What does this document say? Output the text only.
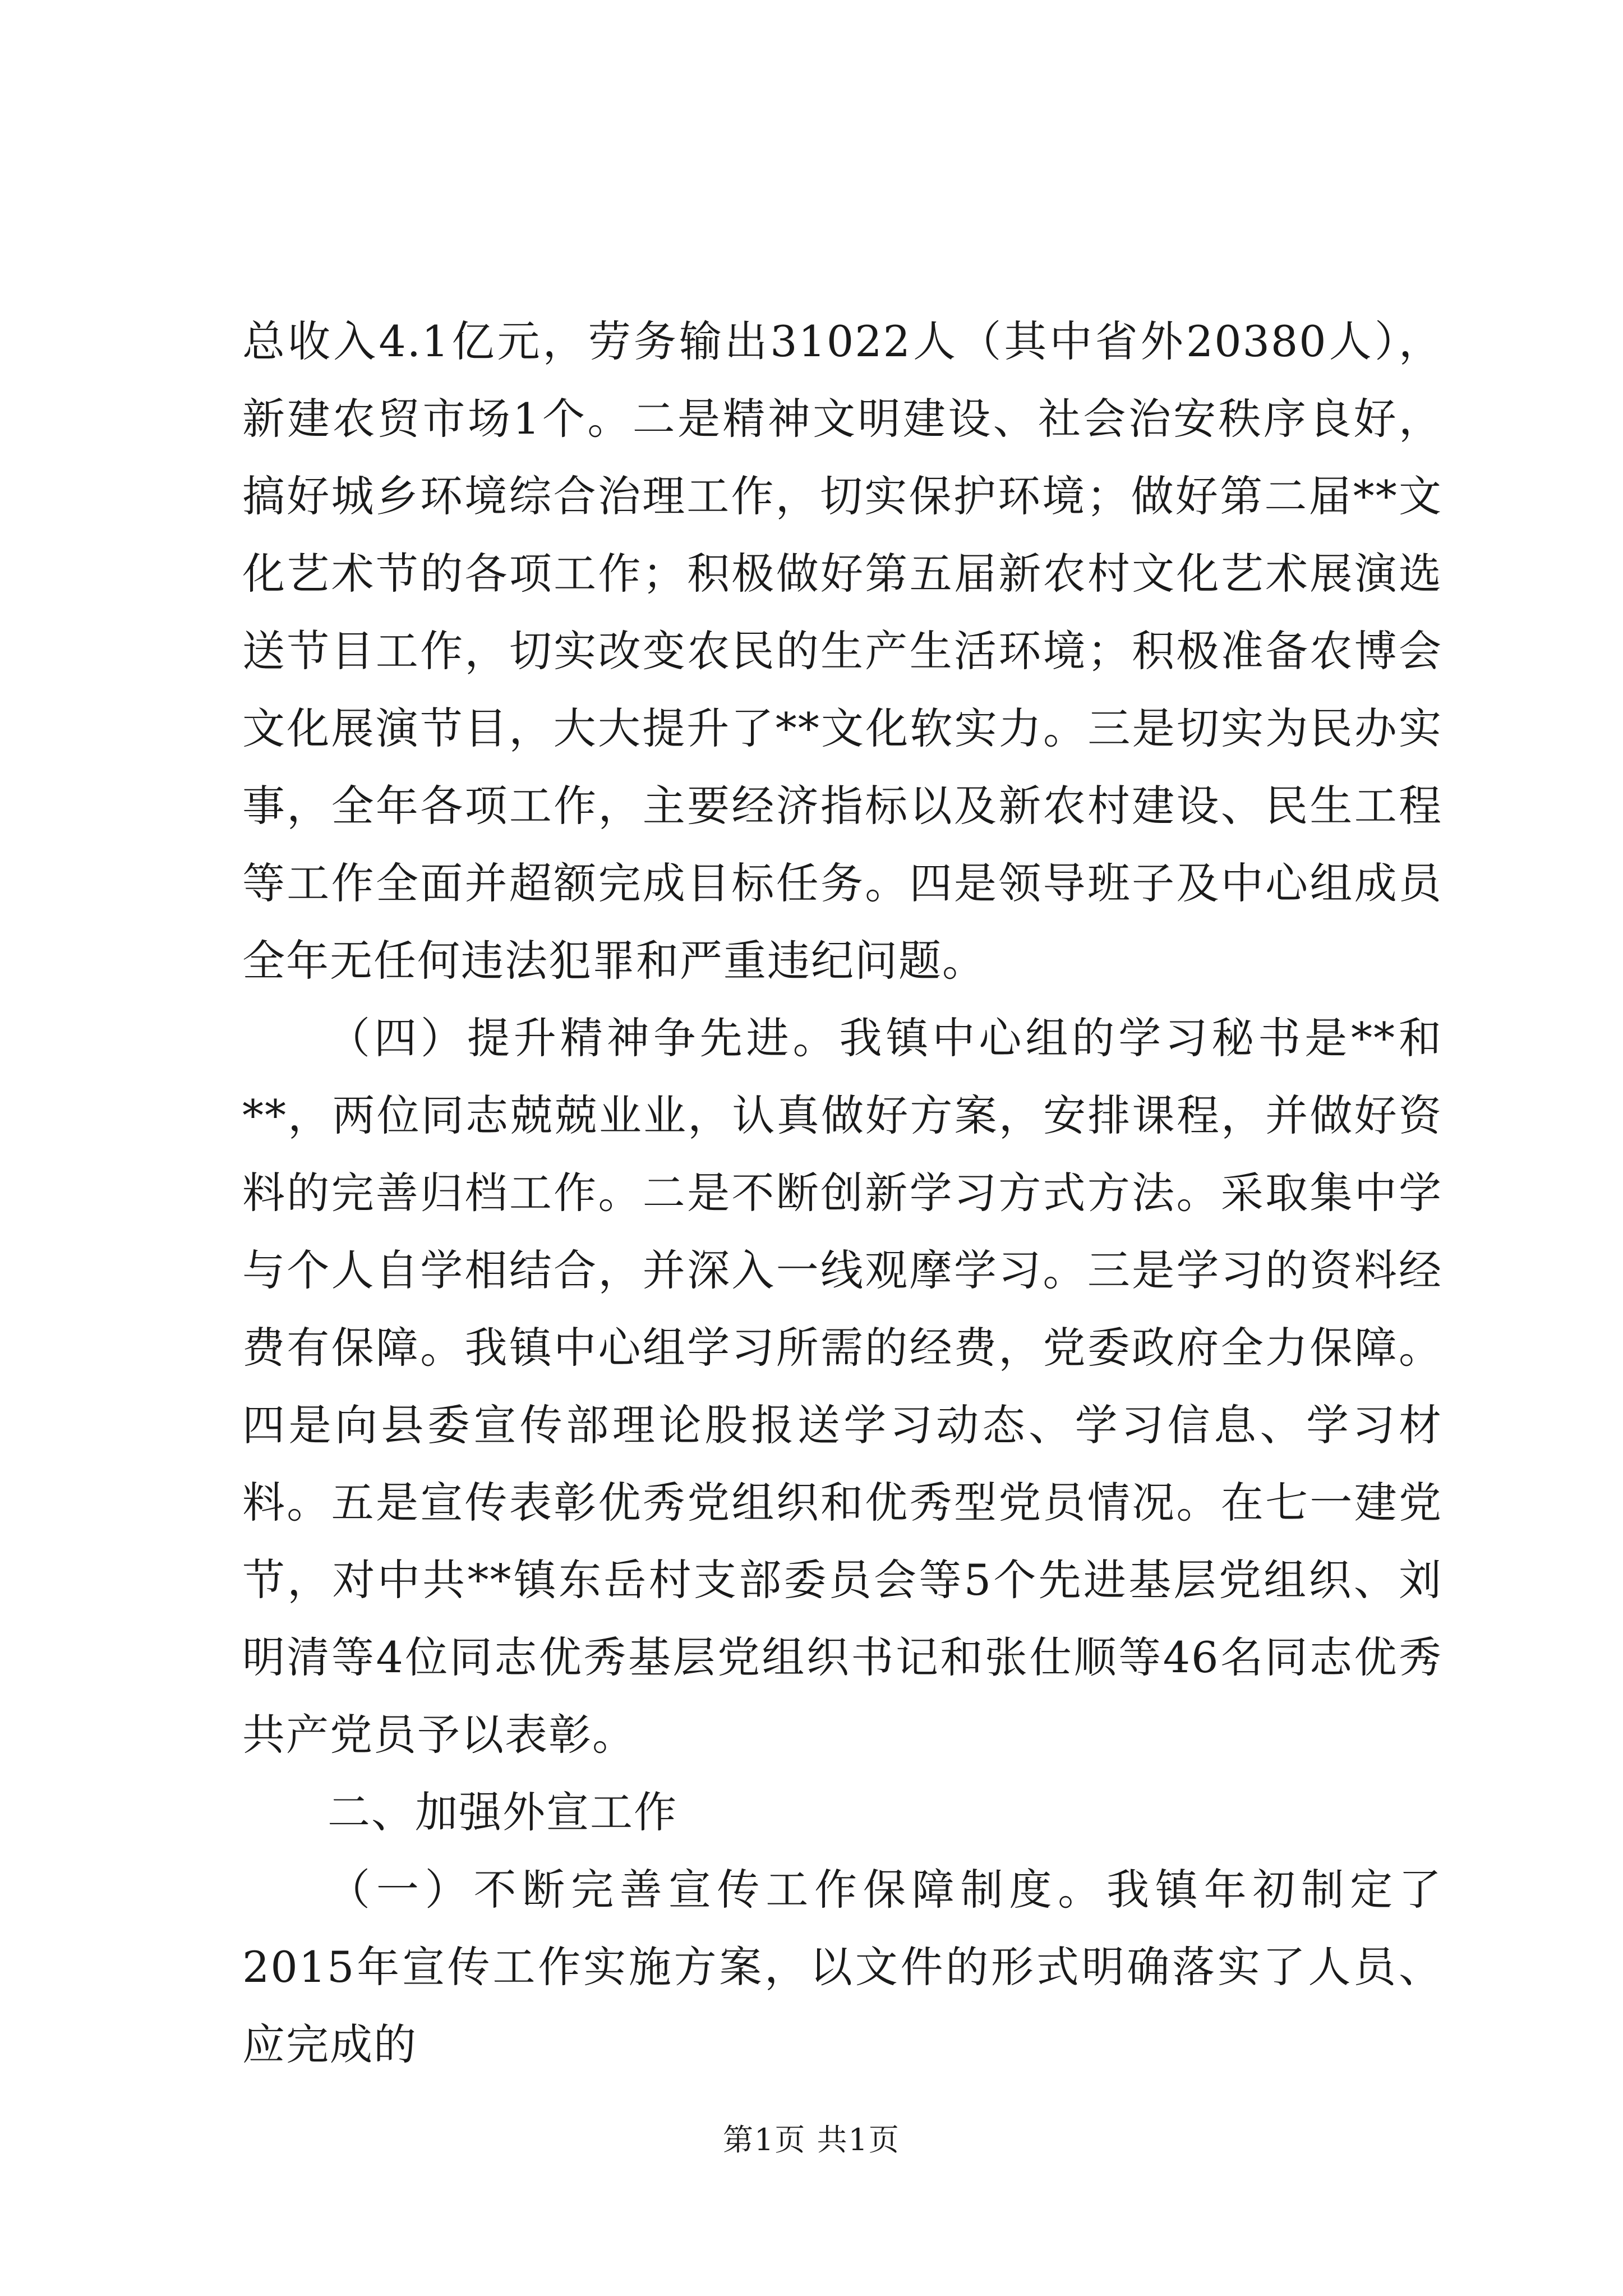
总收入4.1亿元，劳务输出31022人（其中省外20380人），新建农贸市场1个。二是精神文明建设、社会治安秩序良好，搞好城乡环境综合治理工作，切实保护环境；做好第二届**文化艺术节的各项工作；积极做好第五届新农村文化艺术展演选送节目工作，切实改变农民的生产生活环境；积极准备农博会文化展演节目，大大提升了**文化软实力。三是切实为民办实事，全年各项工作，主要经济指标以及新农村建设、民生工程等工作全面并超额完成目标任务。四是领导班子及中心组成员全年无任何违法犯罪和严重违纪问题。

（四）提升精神争先进。我镇中心组的学习秘书是**和**，两位同志兢兢业业，认真做好方案，安排课程，并做好资料的完善归档工作。二是不断创新学习方式方法。采取集中学与个人自学相结合，并深入一线观摩学习。三是学习的资料经费有保障。我镇中心组学习所需的经费，党委政府全力保障。四是向县委宣传部理论股报送学习动态、学习信息、学习材料。五是宣传表彰优秀党组织和优秀型党员情况。在七一建党节，对中共**镇东岳村支部委员会等5个先进基层党组织、刘明清等4位同志优秀基层党组织书记和张仕顺等46名同志优秀共产党员予以表彰。

二、加强外宣工作

（一）不断完善宣传工作保障制度。我镇年初制定了2015年宣传工作实施方案，以文件的形式明确落实了人员、应完成的

第1页 共1页
